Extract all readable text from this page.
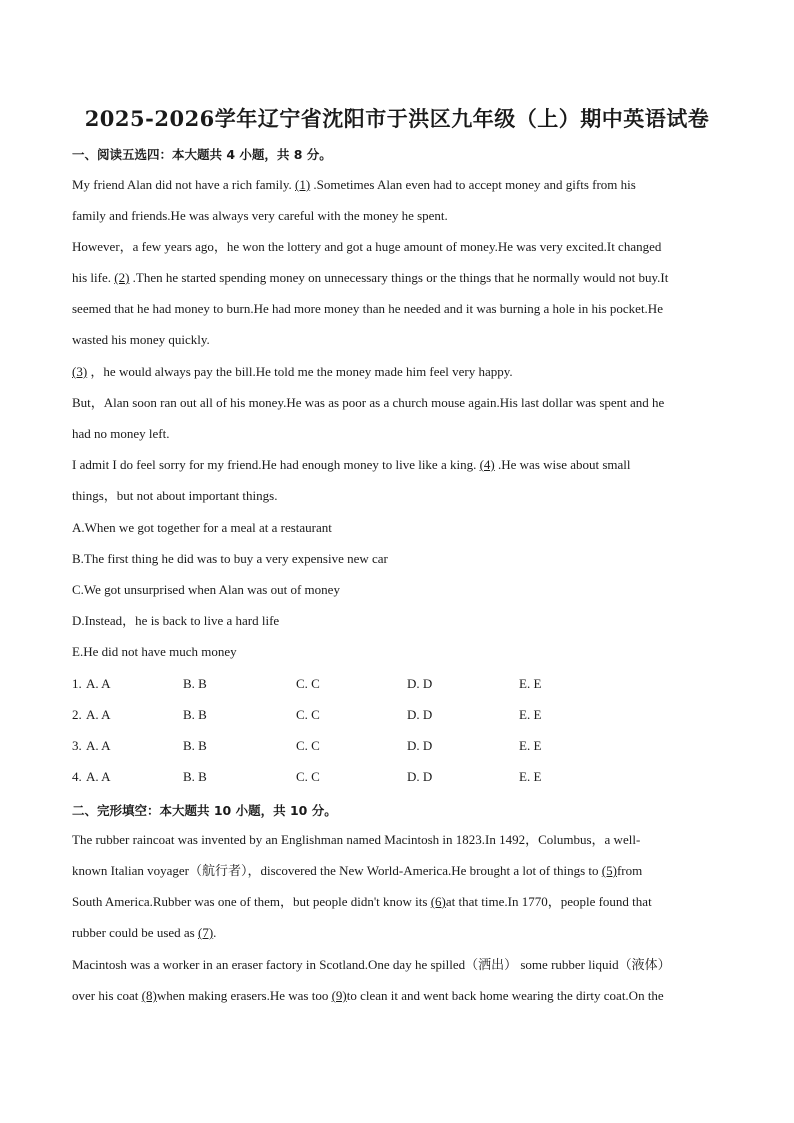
2025-2026学年辽宁省沈阳市于洪区九年级（上）期中英语试卷
一、阅读五选四：本大题共 4 小题，共 8 分。
My friend Alan did not have a rich family. (1) .Sometimes Alan even had to accept money and gifts from his
family and friends.He was always very careful with the money he spent.
However，a few years ago，he won the lottery and got a huge amount of money.He was very excited.It changed
his life. (2) .Then he started spending money on unnecessary things or the things that he normally would not buy.It
seemed that he had money to burn.He had more money than he needed and it was burning a hole in his pocket.He
wasted his money quickly.
(3) ，he would always pay the bill.He told me the money made him feel very happy.
But，Alan soon ran out all of his money.He was as poor as a church mouse again.His last dollar was spent and he
had no money left.
I admit I do feel sorry for my friend.He had enough money to live like a king. (4) .He was wise about small
things，but not about important things.
A.When we got together for a meal at a restaurant
B.The first thing he did was to buy a very expensive new car
C.We got unsurprised when Alan was out of money
D.Instead，he is back to live a hard life
E.He did not have much money
1. A. A	B. B	C. C	D. D	E. E
2. A. A	B. B	C. C	D. D	E. E
3. A. A	B. B	C. C	D. D	E. E
4. A. A	B. B	C. C	D. D	E. E
二、完形填空：本大题共 10 小题，共 10 分。
The rubber raincoat was invented by an Englishman named Macintosh in 1823.In 1492，Columbus，a well-
known Italian voyager（航行者），discovered the New World-America.He brought a lot of things to (5)from
South America.Rubber was one of them，but people didn't know its (6)at that time.In 1770，people found that
rubber could be used as (7).
Macintosh was a worker in an eraser factory in Scotland.One day he spilled（洒出） some rubber liquid（液体）
over his coat (8)when making erasers.He was too (9)to clean it and went back home wearing the dirty coat.On the
